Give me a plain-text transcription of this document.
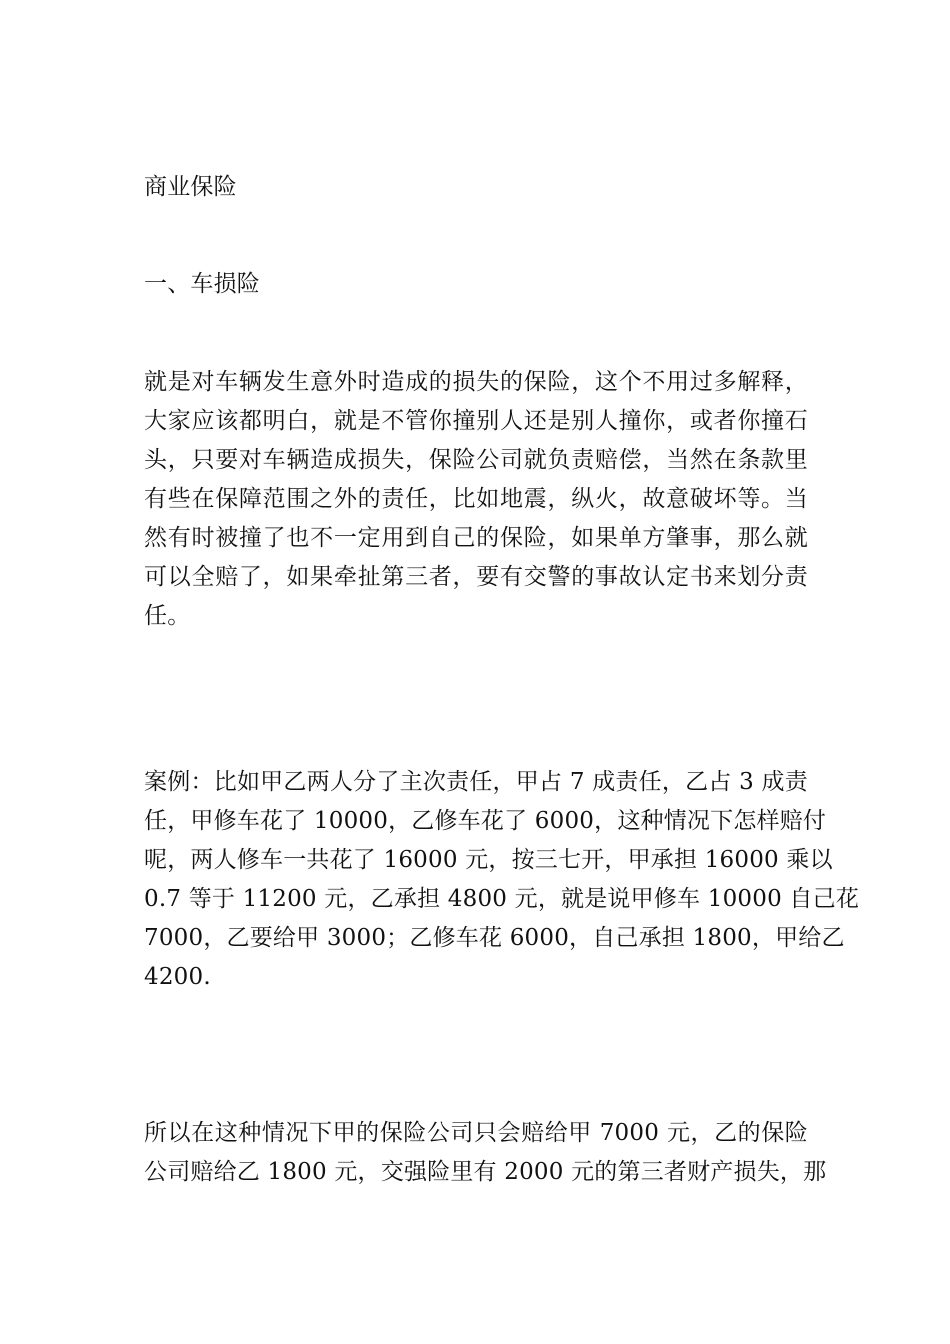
商业保险

一、车损险

就是对车辆发生意外时造成的损失的保险，这个不用过多解释，
大家应该都明白，就是不管你撞别人还是别人撞你，或者你撞石
头，只要对车辆造成损失，保险公司就负责赔偿，当然在条款里
有些在保障范围之外的责任，比如地震，纵火，故意破坏等。当
然有时被撞了也不一定用到自己的保险，如果单方肇事，那么就
可以全赔了，如果牵扯第三者，要有交警的事故认定书来划分责
任。
案例：比如甲乙两人分了主次责任，甲占 7 成责任，乙占 3 成责
任，甲修车花了 10000，乙修车花了 6000，这种情况下怎样赔付
呢，两人修车一共花了 16000 元，按三七开，甲承担 16000 乘以
0.7 等于 11200 元，乙承担 4800 元，就是说甲修车 10000 自己花
7000，乙要给甲 3000；乙修车花 6000，自己承担 1800，甲给乙
4200.
所以在这种情况下甲的保险公司只会赔给甲 7000 元，乙的保险
公司赔给乙 1800 元，交强险里有 2000 元的第三者财产损失，那
